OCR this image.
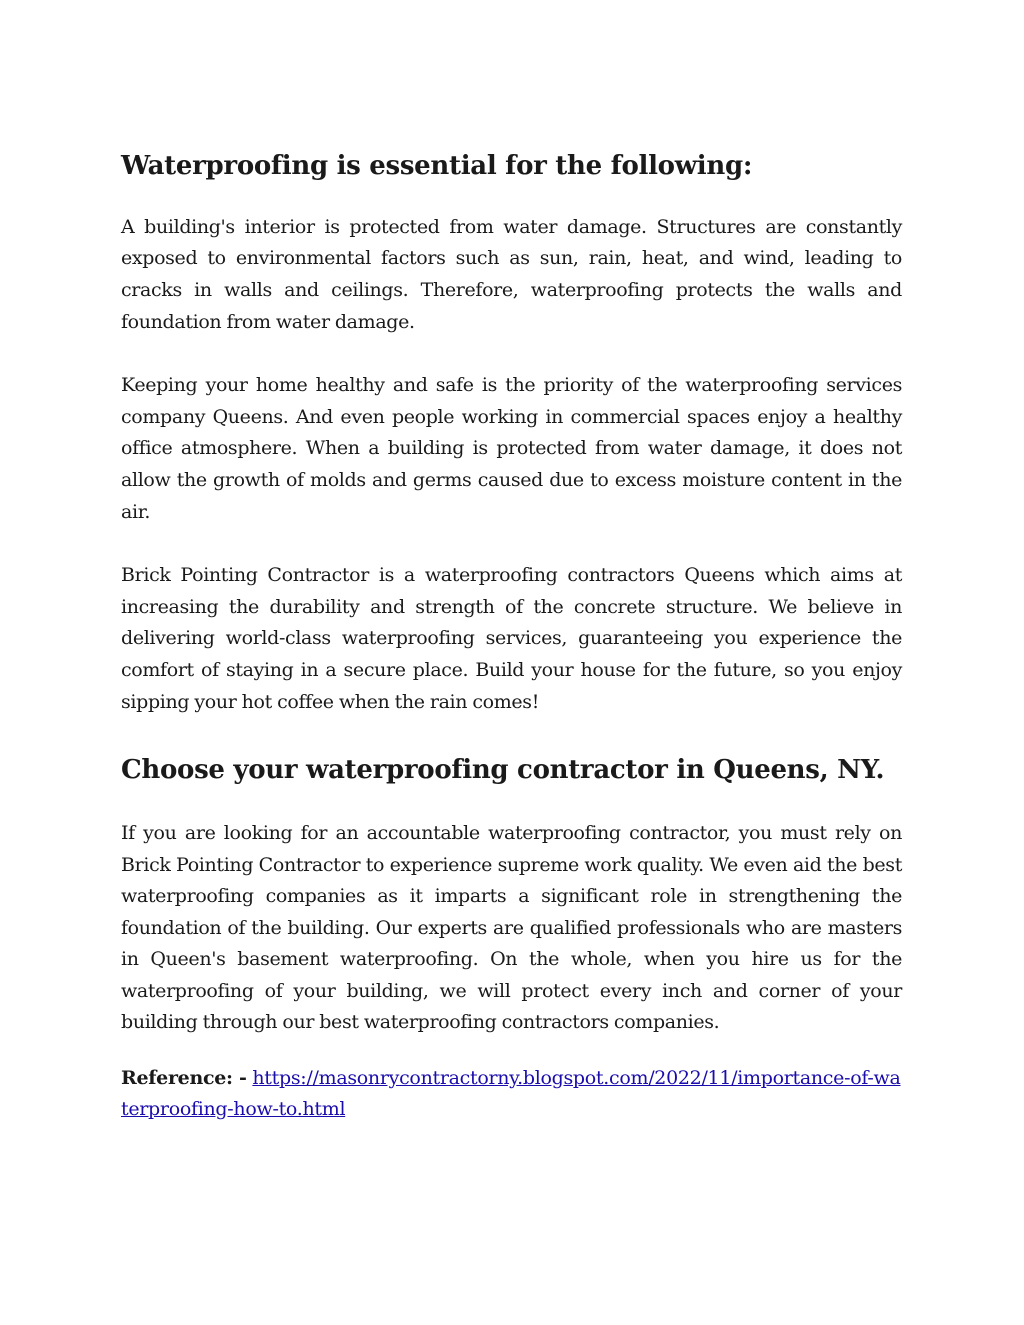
Waterproofing is essential for the following:

A building's interior is protected from water damage. Structures are constantly exposed to environmental factors such as sun, rain, heat, and wind, leading to cracks in walls and ceilings. Therefore, waterproofing protects the walls and foundation from water damage.

Keeping your home healthy and safe is the priority of the waterproofing services company Queens. And even people working in commercial spaces enjoy a healthy office atmosphere. When a building is protected from water damage, it does not allow the growth of molds and germs caused due to excess moisture content in the air.

Brick Pointing Contractor is a waterproofing contractors Queens which aims at increasing the durability and strength of the concrete structure. We believe in delivering world-class waterproofing services, guaranteeing you experience the comfort of staying in a secure place. Build your house for the future, so you enjoy sipping your hot coffee when the rain comes!

Choose your waterproofing contractor in Queens, NY.

If you are looking for an accountable waterproofing contractor, you must rely on Brick Pointing Contractor to experience supreme work quality. We even aid the best waterproofing companies as it imparts a significant role in strengthening the foundation of the building. Our experts are qualified professionals who are masters in Queen's basement waterproofing. On the whole, when you hire us for the waterproofing of your building, we will protect every inch and corner of your building through our best waterproofing contractors companies.

Reference: - https://masonrycontractorny.blogspot.com/2022/11/importance-of-waterproofing-how-to.html
